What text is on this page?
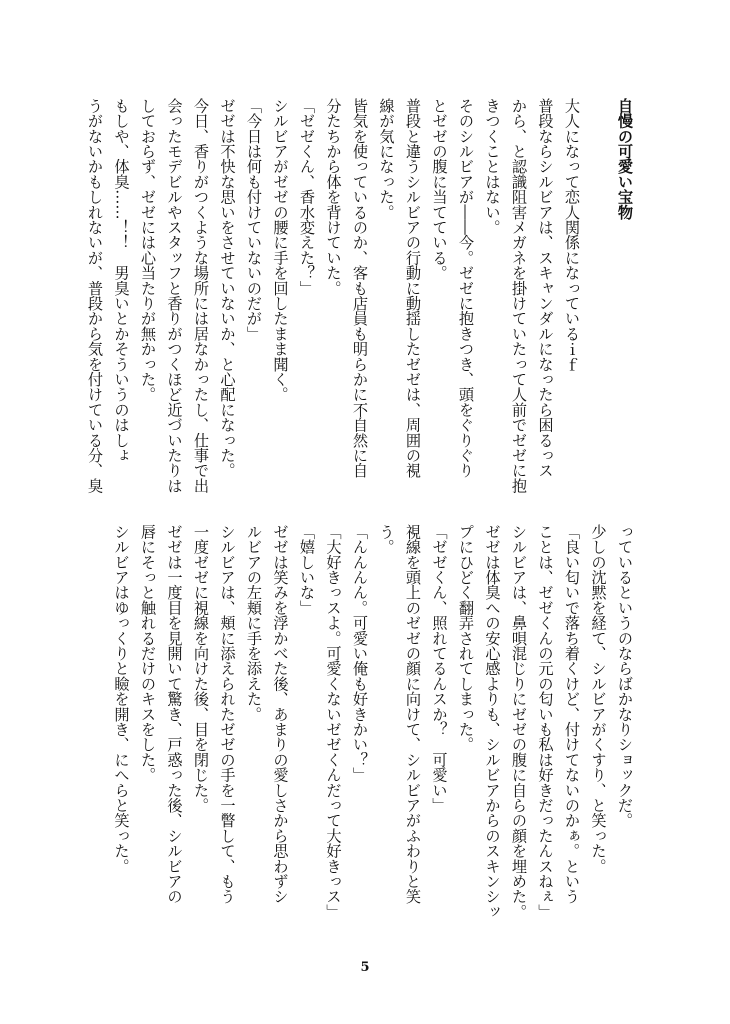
自慢の可愛い宝物
大人になって恋人関係になっているｉｆ
普段ならシルビアは、スキャンダルになったら困るっス
から、と認識阻害メガネを掛けていたって人前でゼゼに抱
きつくことはない。
そのシルビアが――今。ゼゼに抱きつき、頭をぐりぐり
とゼゼの腹に当てている。
普段と違うシルビアの行動に動揺したゼゼは、周囲の視
線が気になった。
皆気を使っているのか、客も店員も明らかに不自然に自
分たちから体を背けていた。
「ゼゼくん、香水変えた？」
シルビアがゼゼの腰に手を回したまま聞く。
「今日は何も付けていないのだが」
ゼゼは不快な思いをさせていないか、と心配になった。
今日、香りがつくような場所には居なかったし、仕事で出
会ったモデビルやスタッフと香りがつくほど近づいたりは
しておらず、ゼゼには心当たりが無かった。
もしや、体臭……！！　男臭いとかそういうのはしょ
うがないかもしれないが、普段から気を付けている分、臭
っているというのならばかなりショックだ。
少しの沈黙を経て、シルビアがくすり、と笑った。
「良い匂いで落ち着くけど、付けてないのかぁ。という
ことは、ゼゼくんの元の匂いも私は好きだったんスねぇ」
シルビアは、鼻唄混じりにゼゼの腹に自らの顔を埋めた。
ゼゼは体臭への安心感よりも、シルビアからのスキンシッ
プにひどく翻弄されてしまった。
「ゼゼくん、照れてるんスか？　可愛い」
視線を頭上のゼゼの顔に向けて、シルビアがふわりと笑
う。
「んんんん。可愛い俺も好きかい？」
「大好きっスよ。可愛くないゼゼくんだって大好きっス」
「嬉しいな」
ゼゼは笑みを浮かべた後、あまりの愛しさから思わずシ
ルビアの左頬に手を添えた。
シルビアは、頬に添えられたゼゼの手を一瞥して、もう
一度ゼゼに視線を向けた後、目を閉じた。
ゼゼは一度目を見開いて驚き、戸惑った後、シルビアの
唇にそっと触れるだけのキスをした。
シルビアはゆっくりと瞼を開き、にへらと笑った。
5
